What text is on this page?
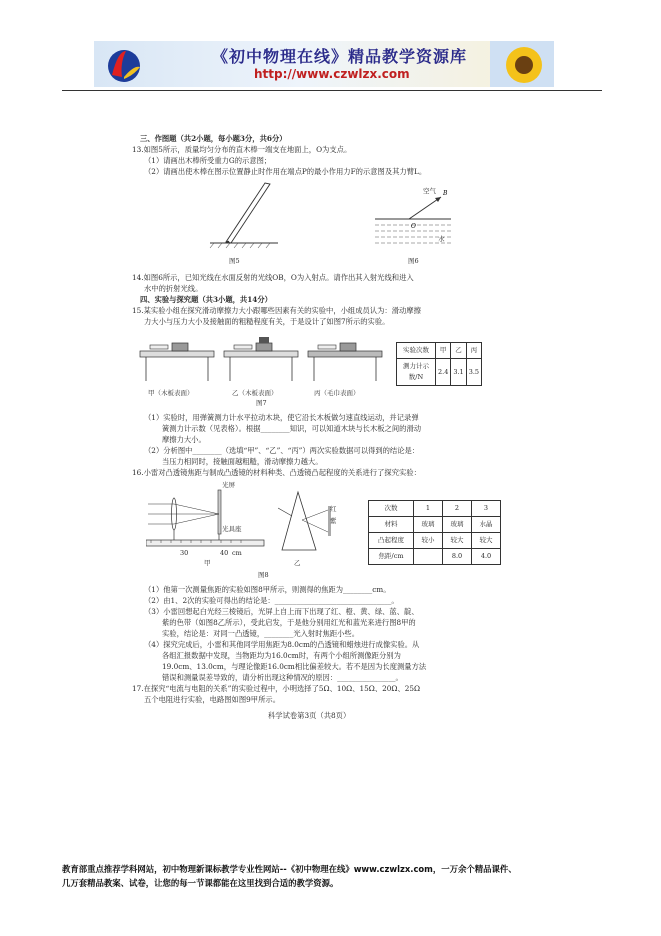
《初中物理在线》精品教学资源库
http://www.czwlzx.com
三、作图题（共2小题，每小题3分，共6分）
13.如图5所示，质量均匀分布的直木棒一端支在地面上，O为支点。
（1）请画出木棒所受重力G的示意图；
（2）请画出使木棒在图示位置静止时作用在端点P的最小作用力F的示意图及其力臂L。
图5
O
B
空气
水
图6
14.如图6所示，已知光线在水面反射的光线OB，O为入射点。请作出其入射光线和进入
水中的折射光线。
四、实验与探究题（共3小题，共14分）
15.某实验小组在探究滑动摩擦力大小跟哪些因素有关的实验中，小组成员认为：滑动摩擦
力大小与压力大小及接触面的粗糙程度有关，于是设计了如图7所示的实验。
甲（木板表面）	乙（木板表面）	丙（毛巾表面）
图7
实验次数	甲	乙	丙
测力计示数/N	2.4	3.1	3.5
（1）实验时，用弹簧测力计水平拉动木块，使它沿长木板做匀速直线运动，并记录弹
簧测力计示数（见表格）。根据________知识，可以知道木块与长木板之间的滑动
摩擦力大小。
（2）分析图中________（选填“甲”、“乙”、“丙”）两次实验数据可以得到的结论是：
当压力相同时，接触面越粗糙，滑动摩擦力越大。
16.小雷对凸透镜焦距与制成凸透镜的材料种类、凸透镜凸起程度的关系进行了探究实验：
光屏
光具座
30	40 cm
甲
红
紫
乙
图8
次数	1	2	3
材料	玻璃	玻璃	水晶
凸起程度	较小	较大	较大
焦距/cm		8.0	4.0
（1）他第一次测量焦距的实验如图8甲所示，则测得的焦距为________cm。
（2）由1、2次的实验可得出的结论是：________________________________。
（3）小雷回想起白光经三棱镜后，光屏上自上而下出现了红、橙、黄、绿、蓝、靛、
紫的色带（如图8乙所示），受此启发，于是他分别用红光和蓝光来进行图8甲的
实验，结论是：对同一凸透镜，________光入射时焦距小些。
（4）探究完成后，小雷和其他同学用焦距为8.0cm的凸透镜和蜡烛进行成像实验。从
各组汇报数据中发现，当物距均为16.0cm时，有两个小组所测像距分别为
19.0cm、13.0cm，与理论像距16.0cm相比偏差较大。若不是因为长度测量方法
错误和测量误差导致的，请分析出现这种情况的原因：________________。
17.在探究“电流与电阻的关系”的实验过程中，小明选择了5Ω、10Ω、15Ω、20Ω、25Ω
五个电阻进行实验，电路图如图9甲所示。
科学试卷第3页（共8页）
教育部重点推荐学科网站，初中物理新课标教学专业性网站--《初中物理在线》www.czwlzx.com，一万余个精品课件、
几万套精品教案、试卷，让您的每一节课都能在这里找到合适的教学资源。
